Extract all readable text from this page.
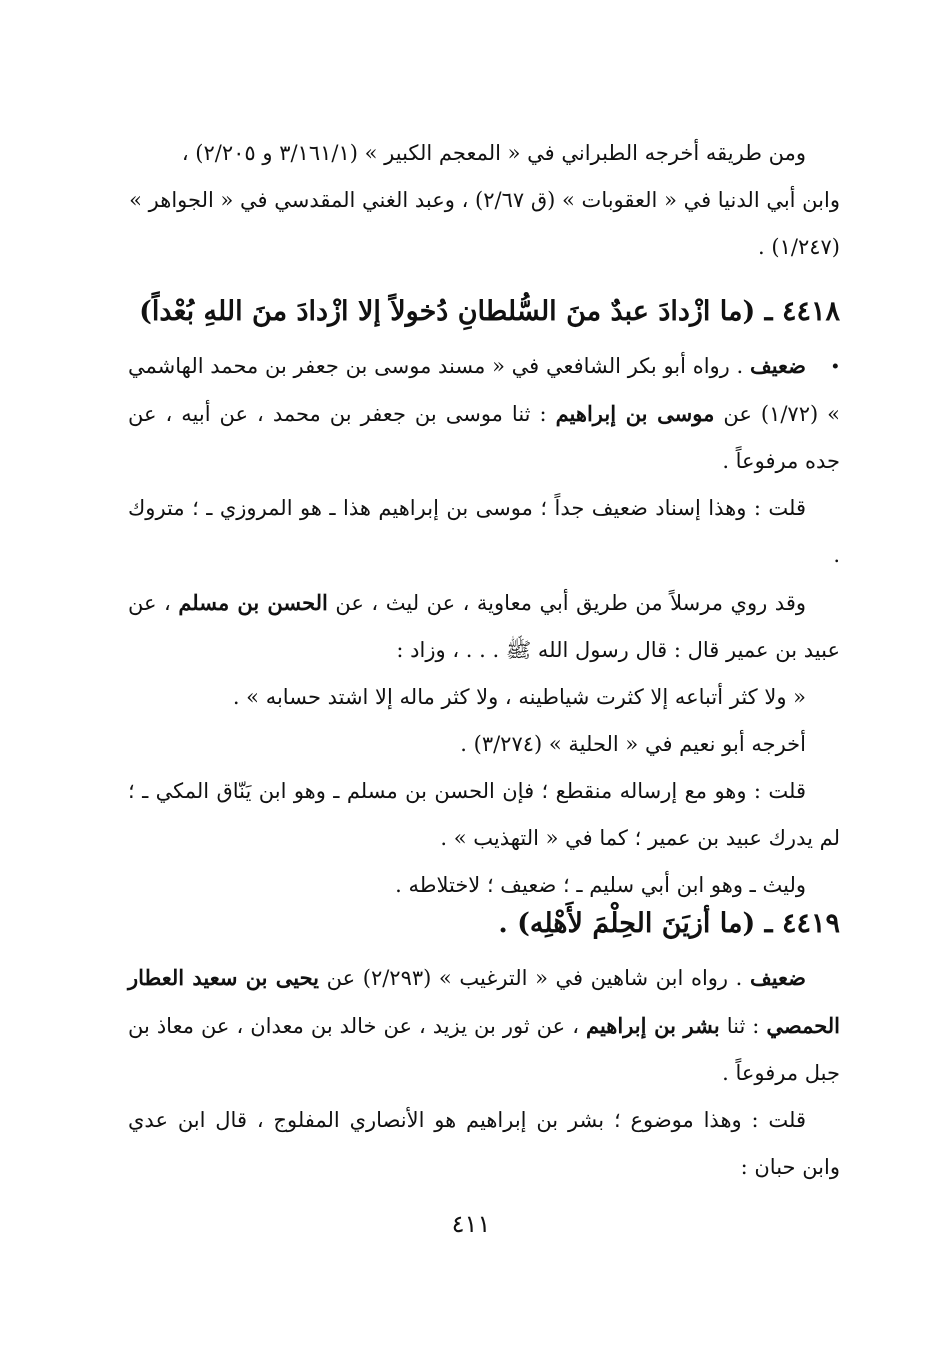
ومن طريقه أخرجه الطبراني في « المعجم الكبير » (٣/١٦١/١ و ٢/٢٠٥) ،
وابن أبي الدنيا في « العقوبات » (ق ٢/٦٧) ، وعبد الغني المقدسي في « الجواهر »
(١/٢٤٧) .
٤٤١٨ ـ (ما ازْدادَ عبدٌ منَ السُّلطانِ دُخولاً إلا ازْدادَ منَ اللهِ بُعْداً) .

ضعيف . رواه أبو بكر الشافعي في « مسند موسى بن جعفر بن محمد الهاشمي » (١/٧٢) عن موسى بن إبراهيم : ثنا موسى بن جعفر بن محمد ، عن أبيه ، عن جده مرفوعاً .

قلت : وهذا إسناد ضعيف جداً ؛ موسى بن إبراهيم هذا ـ هو المروزي ـ ؛ متروك .

وقد روي مرسلاً من طريق أبي معاوية ، عن ليث ، عن الحسن بن مسلم ، عن عبيد بن عمير قال : قال رسول الله ﷺ . . . ، وزاد :

« ولا كثر أتباعه إلا كثرت شياطينه ، ولا كثر ماله إلا اشتد حسابه » .

أخرجه أبو نعيم في « الحلية » (٣/٢٧٤) .

قلت : وهو مع إرساله منقطع ؛ فإن الحسن بن مسلم ـ وهو ابن يَنّاق المكي ـ ؛ لم يدرك عبيد بن عمير ؛ كما في « التهذيب » .

وليث ـ وهو ابن أبي سليم ـ ؛ ضعيف ؛ لاختلاطه .

٤٤١٩ ـ (ما أزيَنَ الحِلْمَ لأَهْلِه) .

ضعيف . رواه ابن شاهين في « الترغيب » (٢/٢٩٣) عن يحيى بن سعيد العطار الحمصي : ثنا بشر بن إبراهيم ، عن ثور بن يزيد ، عن خالد بن معدان ، عن معاذ بن جبل مرفوعاً .

قلت : وهذا موضوع ؛ بشر بن إبراهيم هو الأنصاري المفلوج ، قال ابن عدي وابن حبان :

٤١١
